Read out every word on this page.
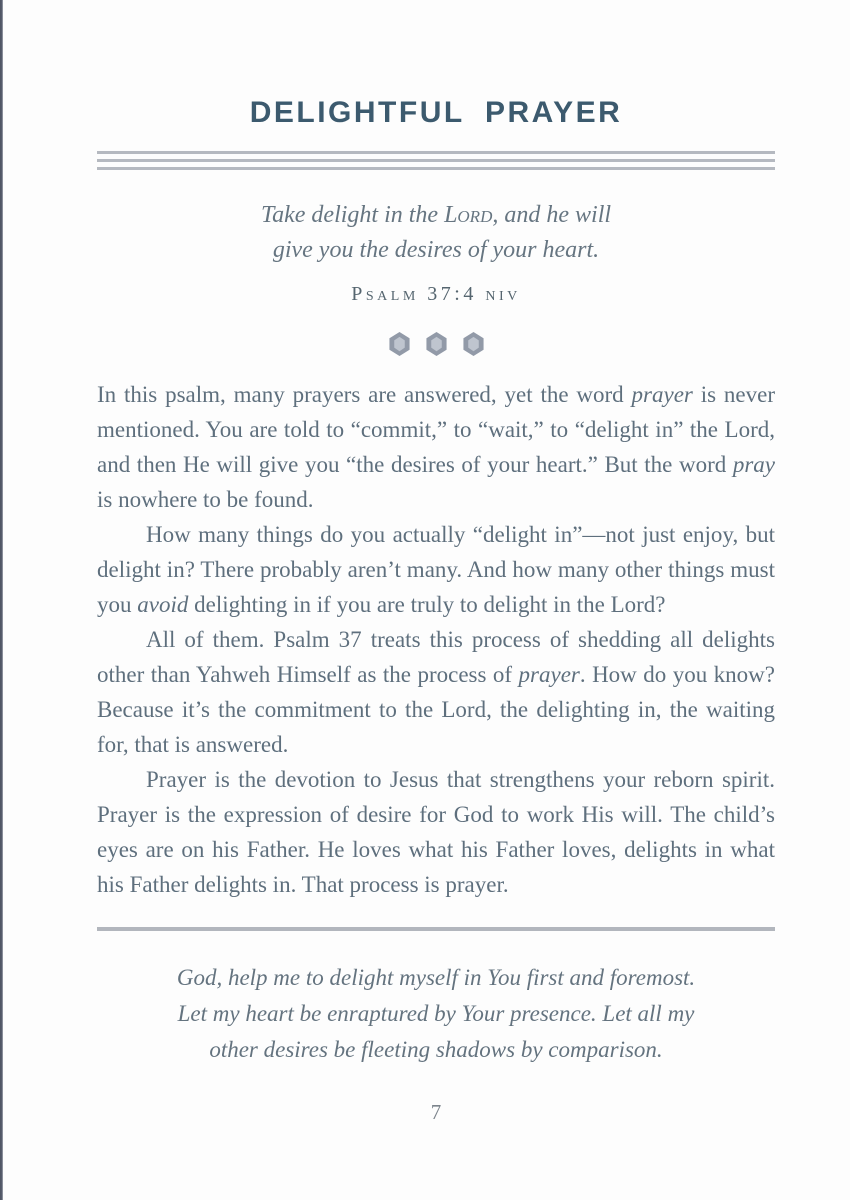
DELIGHTFUL PRAYER
Take delight in the Lord, and he will
give you the desires of your heart.
Psalm 37:4 niv

In this psalm, many prayers are answered, yet the word prayer is never mentioned. You are told to “commit,” to “wait,” to “delight in” the Lord, and then He will give you “the desires of your heart.” But the word pray is nowhere to be found.

How many things do you actually “delight in”—not just enjoy, but delight in? There probably aren’t many. And how many other things must you avoid delighting in if you are truly to delight in the Lord?

All of them. Psalm 37 treats this process of shedding all delights other than Yahweh Himself as the process of prayer. How do you know? Because it’s the commitment to the Lord, the delighting in, the waiting for, that is answered.

Prayer is the devotion to Jesus that strengthens your reborn spirit. Prayer is the expression of desire for God to work His will. The child’s eyes are on his Father. He loves what his Father loves, delights in what his Father delights in. That process is prayer.

God, help me to delight myself in You first and foremost.
Let my heart be enraptured by Your presence. Let all my
other desires be fleeting shadows by comparison.
7
